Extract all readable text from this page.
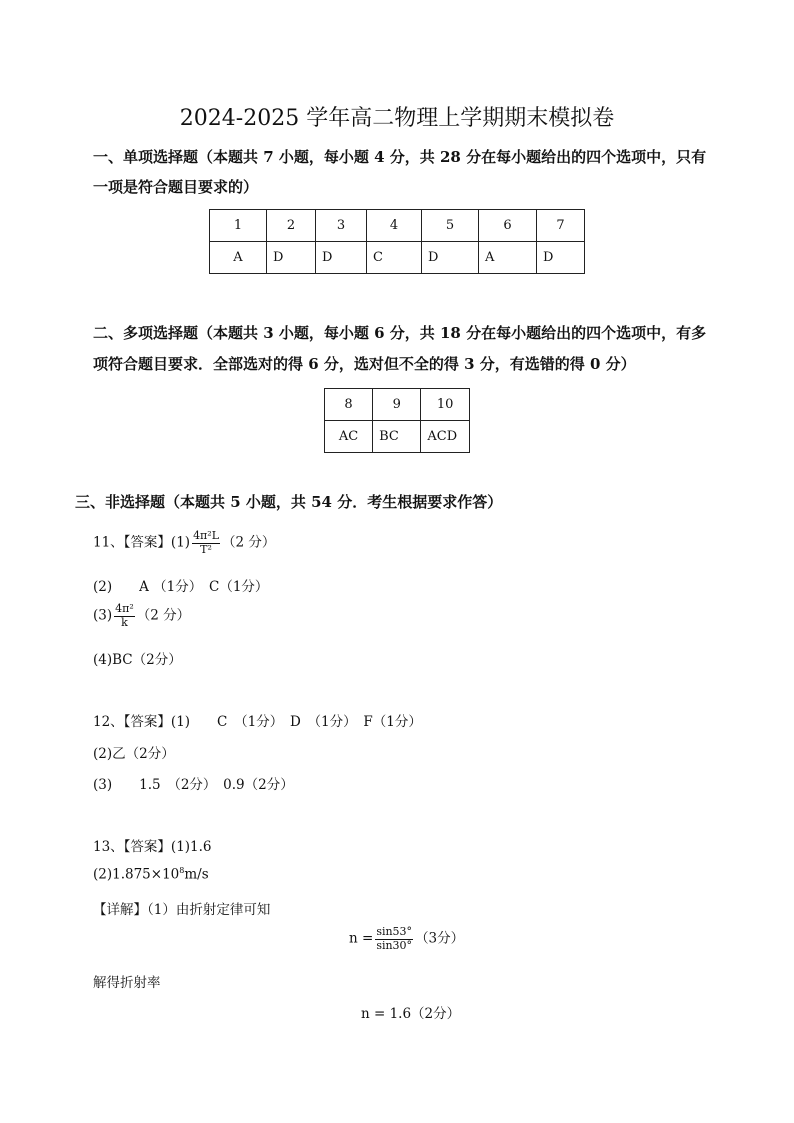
2024-2025 学年高二物理上学期期末模拟卷
一、单项选择题（本题共 7 小题，每小题 4 分，共 28 分在每小题给出的四个选项中，只有
一项是符合题目要求的）
1	2	3	4	5	6	7
A	D	D	C	D	A	D
二、多项选择题（本题共 3 小题，每小题 6 分，共 18 分在每小题给出的四个选项中，有多
项符合题目要求．全部选对的得 6 分，选对但不全的得 3 分，有选错的得 0 分）
8	9	10
AC	BC	ACD
三、非选择题（本题共 5 小题，共 54 分．考生根据要求作答）
11、【答案】$(1) \frac{\text{4π²L}}{\text{T²}} (2$ 分）
(2)　　A （1分）　C（1分）
$(3) \frac{\text{4π²}}{k} (2$ 分）
(4)BC（2分）
12、【答案】(1)　　C　（1分）　D　（1分）　F（1分）
(2)乙（2分）
(3)　　1.5　（2分）　0.9（2分）
13、【答案】(1)1.6
$(2)1.875\times 10^8m/s$
【详解】（1）由折射定律可知
$n = \frac{\sin 53^\circ}{\sin 30^\circ} (3$分）
解得折射率
n = 1.6（2分）
